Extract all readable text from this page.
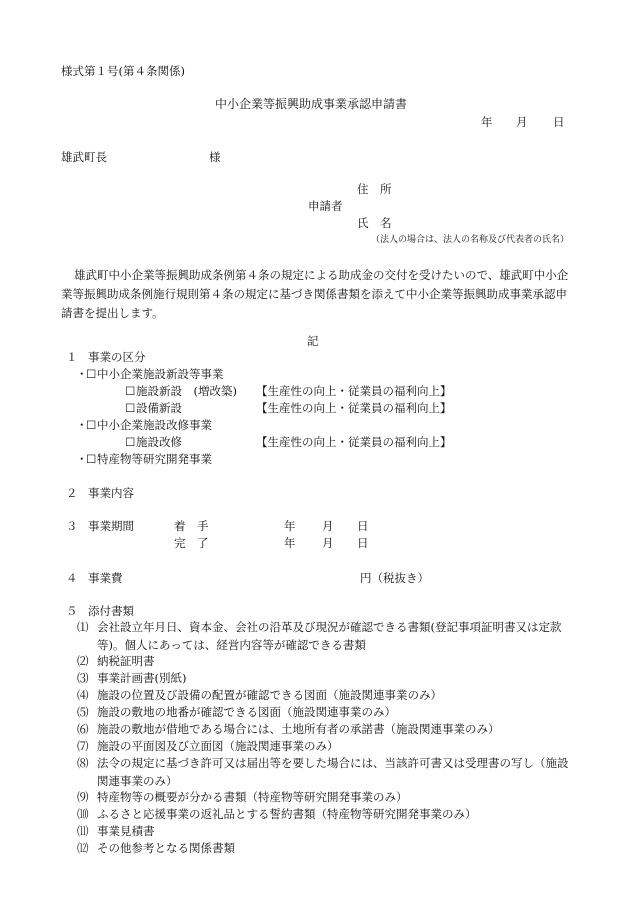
様式第１号(第４条関係)
中小企業等振興助成事業承認申請書
年 月 日
雄武町長	様
住　所
申請者
氏　名
（法人の場合は、法人の名称及び代表者の氏名）
雄武町中小企業等振興助成条例第４条の規定による助成金の交付を受けたいので、雄武町中小企業等振興助成条例施行規則第４条の規定に基づき関係書類を添えて中小企業等振興助成事業承認申請書を提出します。
記
１ 事業の区分
・☐中小企業施設新設等事業
☐施設新設　(増改築) 【生産性の向上・従業員の福利向上】
☐設備新設	【生産性の向上・従業員の福利向上】
・☐中小企業施設改修事業
☐施設改修	【生産性の向上・従業員の福利向上】
・☐特産物等研究開発事業
２ 事業内容
３ 事業期間	着　手	年 月 日
完　了	年 月 日
４ 事業費	円（税抜き）
５ 添付書類
⑴ 会社設立年月日、資本金、会社の沿革及び現況が確認できる書類(登記事項証明書又は定款等)。個人にあっては、経営内容等が確認できる書類
⑵ 納税証明書
⑶ 事業計画書(別紙)
⑷ 施設の位置及び設備の配置が確認できる図面（施設関連事業のみ）
⑸ 施設の敷地の地番が確認できる図面（施設関連事業のみ）
⑹ 施設の敷地が借地である場合には、土地所有者の承諾書（施設関連事業のみ）
⑺ 施設の平面図及び立面図（施設関連事業のみ）
⑻ 法令の規定に基づき許可又は届出等を要した場合には、当該許可書又は受理書の写し（施設関連事業のみ）
⑼ 特産物等の概要が分かる書類（特産物等研究開発事業のみ）
⑽ ふるさと応援事業の返礼品とする誓約書類（特産物等研究開発事業のみ）
⑾ 事業見積書
⑿ その他参考となる関係書類
